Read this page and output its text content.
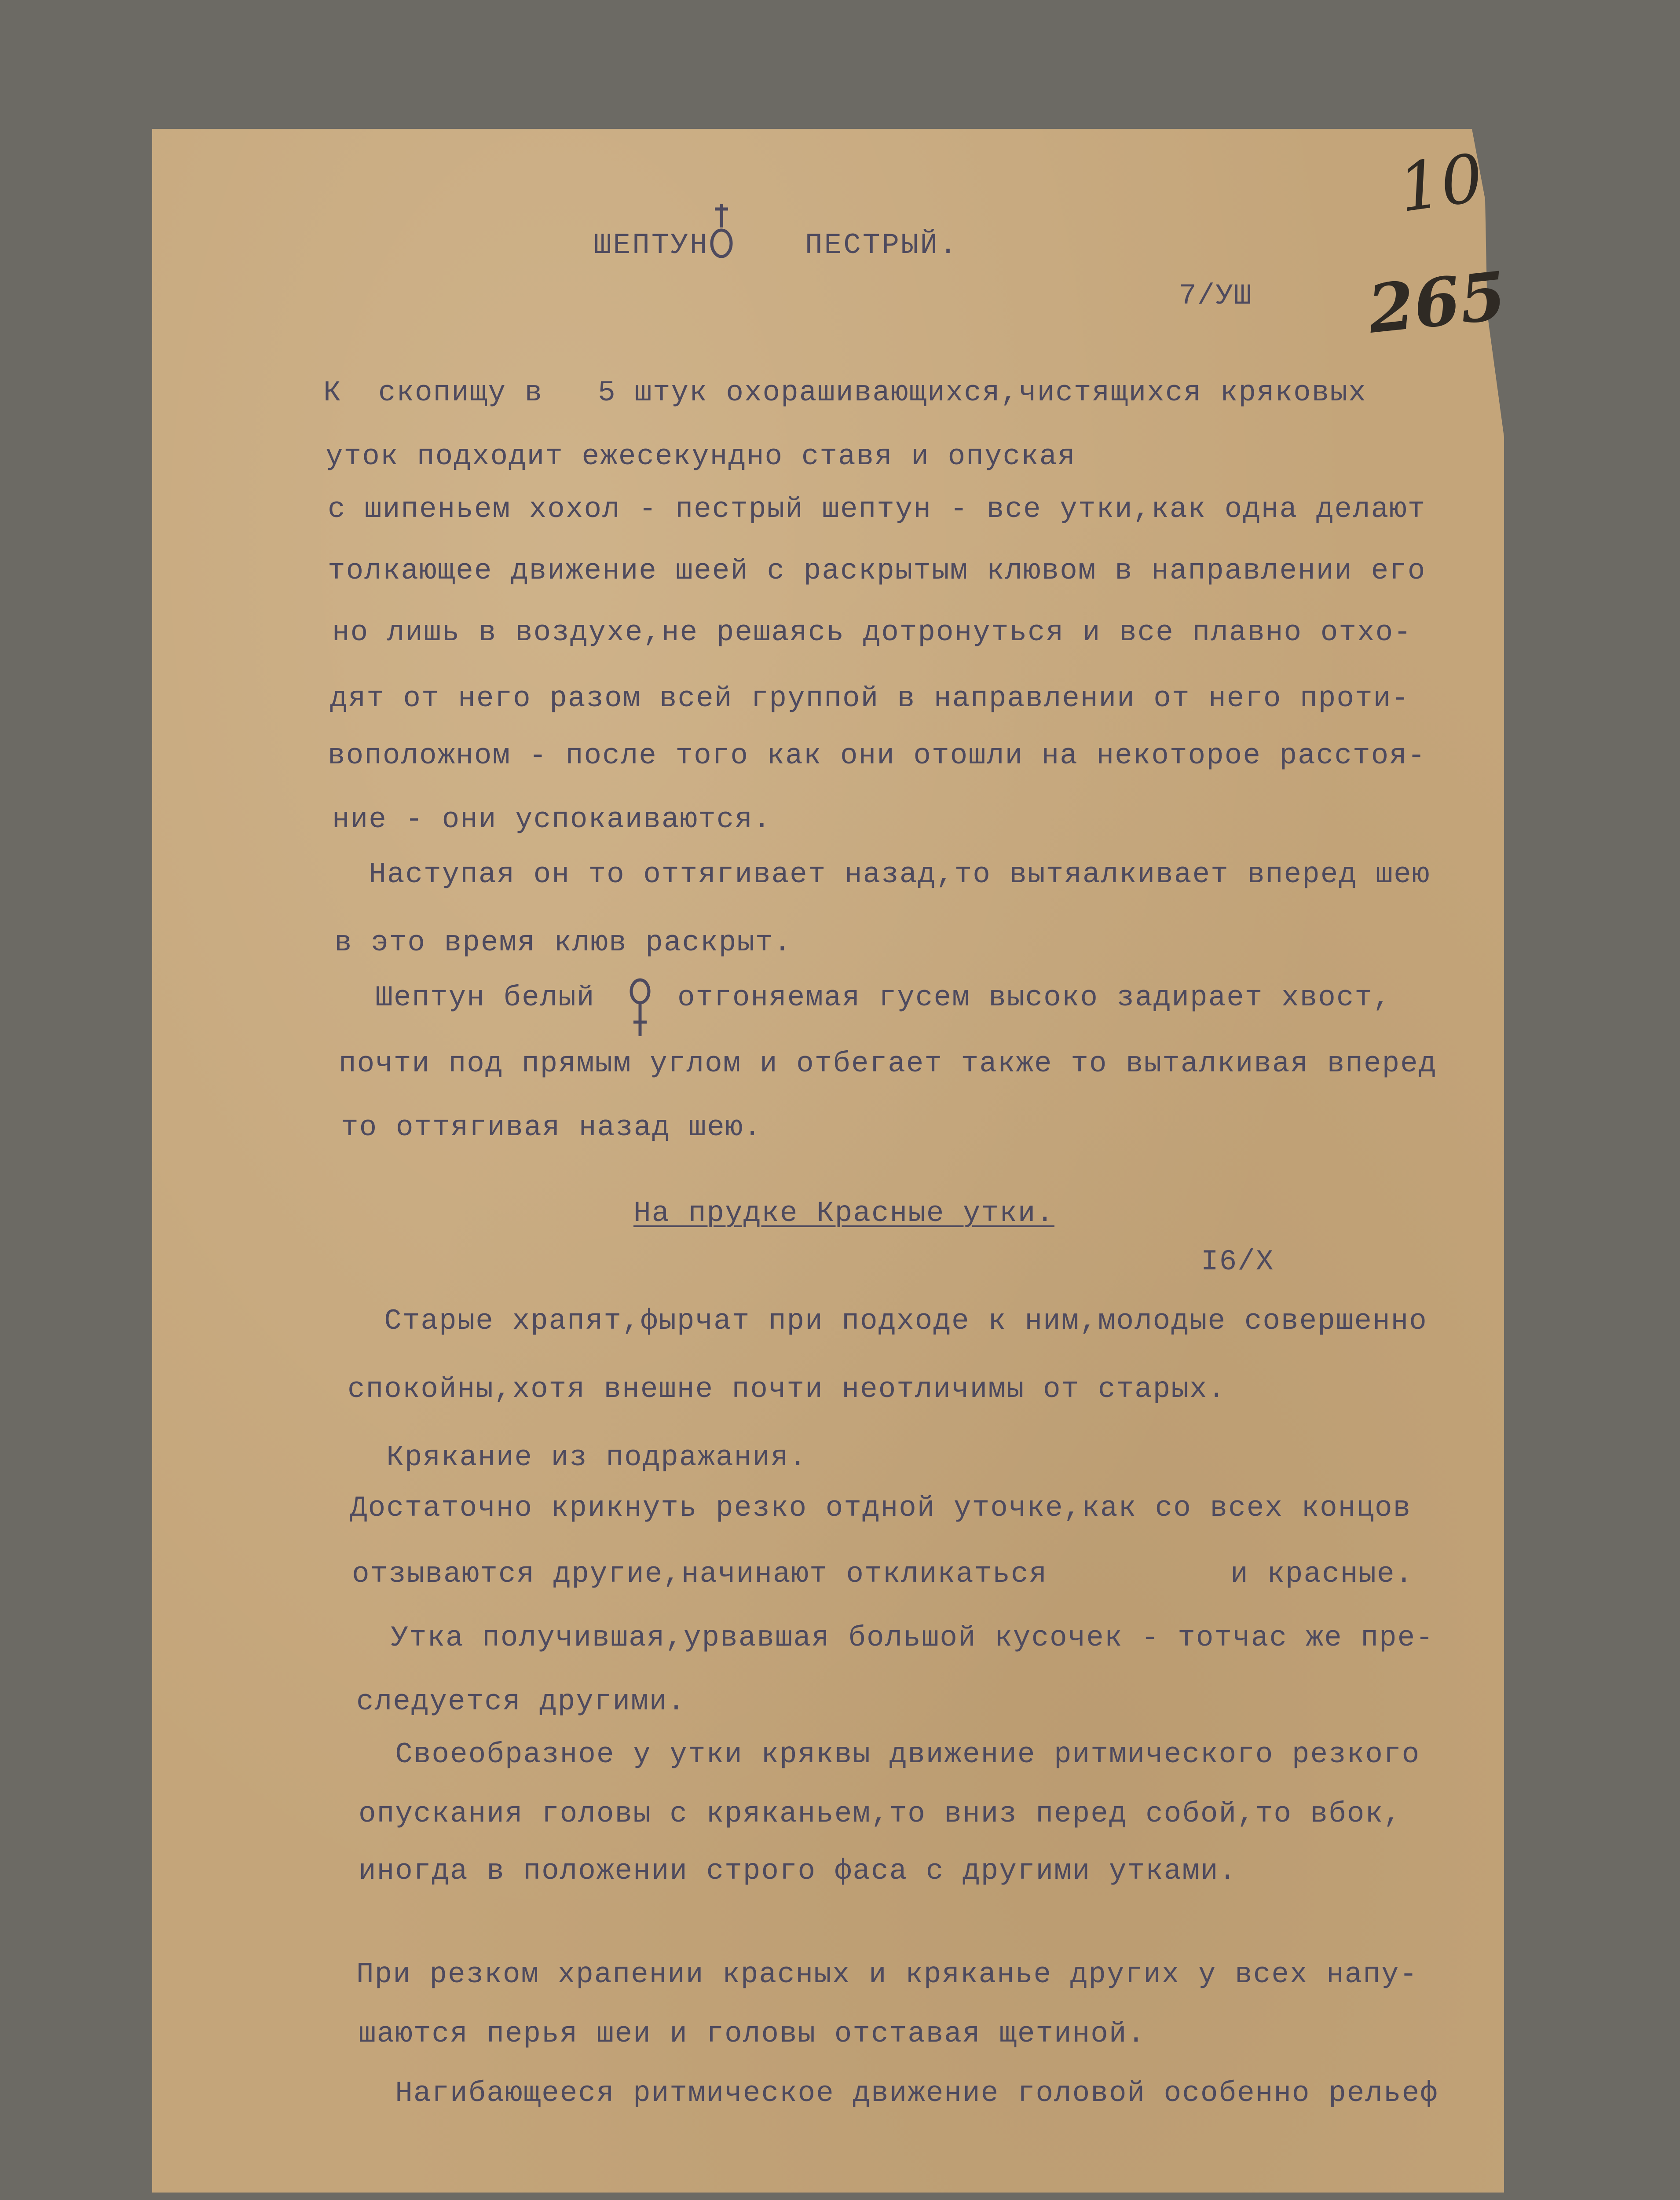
10
265
ШЕПТУН	ПЕСТРЫЙ.
7/УШ
К  скопищу в   5 штук охорашивающихся,чистящихся кряковых
уток подходит ежесекундно ставя и опуская
с шипеньем хохол - пестрый шептун - все утки,как одна делают
толкающее движение шеей с раскрытым клювом в направлении его
но лишь в воздухе,не решаясь дотронуться и все плавно отхо-
дят от него разом всей группой в направлении от него проти-
воположном - после того как они отошли на некоторое расстоя-
ние - они успокаиваются.
Наступая он то оттягивает назад,то вытяалкивает вперед шею
в это время клюв раскрыт.
Шептун белый	отгоняемая гусем высоко задирает хвост,
почти под прямым углом и отбегает также то выталкивая вперед
то оттягивая назад шею.
На прудке Красные утки.
I6/X
Старые храпят,фырчат при подходе к ним,молодые совершенно
спокойны,хотя внешне почти неотличимы от старых.
Крякание из подражания.
Достаточно крикнуть резко отдной уточке,как со всех концов
отзываются другие,начинают откликаться          и красные.
Утка получившая,урвавшая большой кусочек - тотчас же пре-
следуется другими.
Своеобразное у утки кряквы движение ритмического резкого
опускания головы с кряканьем,то вниз перед собой,то вбок,
иногда в положении строго фаса с другими утками.
При резком храпении красных и кряканье других у всех напу-
шаются перья шеи и головы отставая щетиной.
Нагибающееся ритмическое движение головой особенно рельеф
